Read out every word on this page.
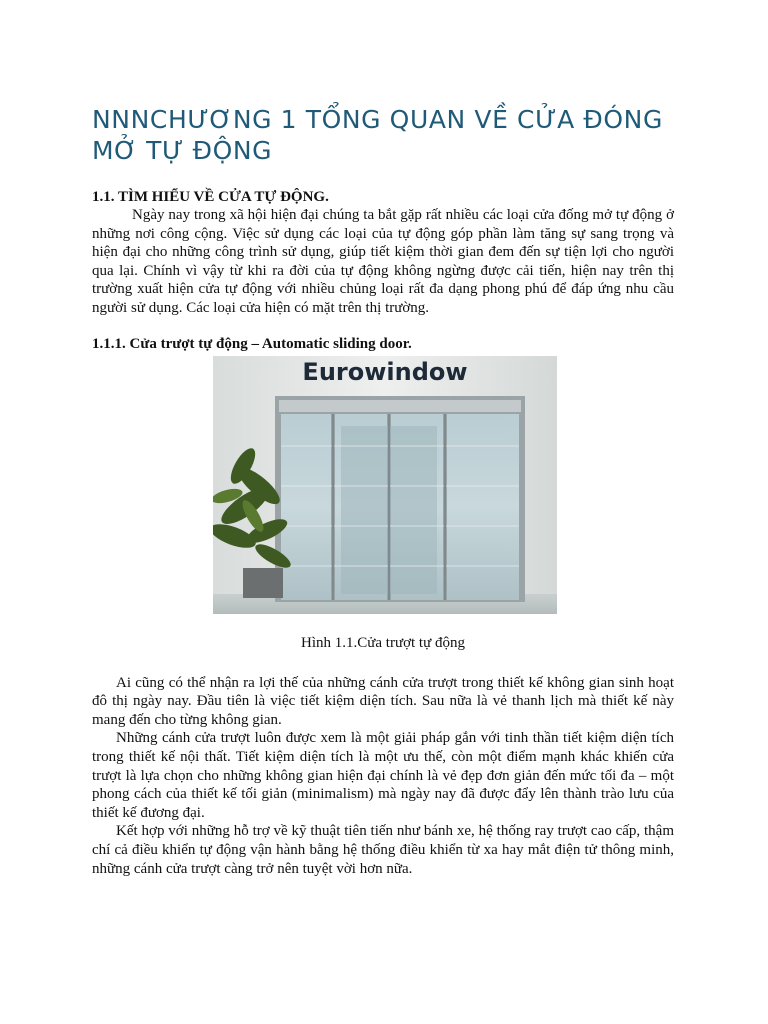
NNNCHƯƠNG 1 TỔNG QUAN VỀ CỬA ĐÓNG MỞ TỰ ĐỘNG
1.1. TÌM HIỂU VỀ CỬA TỰ ĐỘNG.

Ngày nay trong xã hội hiện đại chúng ta bắt gặp rất nhiều các loại cửa đống mở tự động ở những nơi công cộng. Việc sử dụng các loại của tự động góp phần làm tăng sự sang trọng và hiện đại cho những công trình sử dụng, giúp tiết kiệm thời gian đem đến sự tiện lợi cho người qua lại. Chính vì vậy từ khi ra đời của tự động không ngừng được cải tiến, hiện nay trên thị trường xuất hiện cửa tự động với nhiều chủng loại rất đa dạng phong phú để đáp ứng nhu cầu người sử dụng. Các loại cửa hiện có mặt trên thị trường.

1.1.1. Cửa trượt tự động – Automatic sliding door.
Eurowindow
Hình 1.1.Cửa trượt tự động

Ai cũng có thể nhận ra lợi thế của những cánh cửa trượt trong thiết kế không gian sinh hoạt đô thị ngày nay. Đầu tiên là việc tiết kiệm diện tích. Sau nữa là vẻ thanh lịch mà thiết kế này mang đến cho từng không gian.

Những cánh cửa trượt luôn được xem là một giải pháp gắn với tinh thần tiết kiệm diện tích trong thiết kế nội thất. Tiết kiệm diện tích là một ưu thế, còn một điểm mạnh khác khiến cửa trượt là lựa chọn cho những không gian hiện đại chính là vẻ đẹp đơn giản đến mức tối đa – một phong cách của thiết kế tối giản (minimalism) mà ngày nay đã được đẩy lên thành trào lưu của thiết kế đương đại.

Kết hợp với những hỗ trợ về kỹ thuật tiên tiến như bánh xe, hệ thống ray trượt cao cấp, thậm chí cả điều khiển tự động vận hành bằng hệ thống điều khiển từ xa hay mắt điện tử thông minh, những cánh cửa trượt càng trở nên tuyệt vời hơn nữa.
